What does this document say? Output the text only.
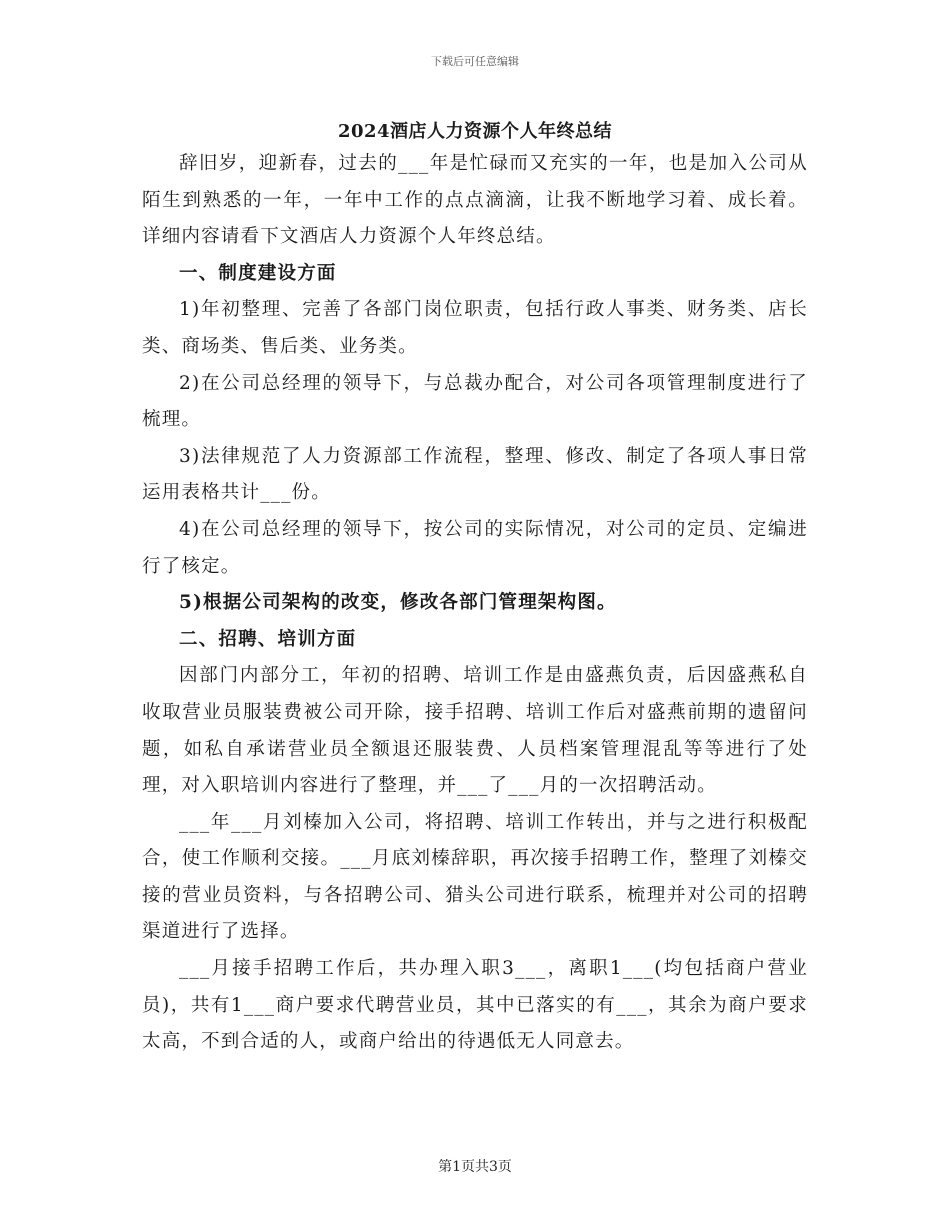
下载后可任意编辑
2024酒店人力资源个人年终总结

辞旧岁，迎新春，过去的___年是忙碌而又充实的一年，也是加入公司从陌生到熟悉的一年，一年中工作的点点滴滴，让我不断地学习着、成长着。详细内容请看下文酒店人力资源个人年终总结。

一、制度建设方面

1)年初整理、完善了各部门岗位职责，包括行政人事类、财务类、店长类、商场类、售后类、业务类。

2)在公司总经理的领导下，与总裁办配合，对公司各项管理制度进行了梳理。

3)法律规范了人力资源部工作流程，整理、修改、制定了各项人事日常运用表格共计___份。

4)在公司总经理的领导下，按公司的实际情况，对公司的定员、定编进行了核定。

5)根据公司架构的改变，修改各部门管理架构图。

二、招聘、培训方面

因部门内部分工，年初的招聘、培训工作是由盛燕负责，后因盛燕私自收取营业员服装费被公司开除，接手招聘、培训工作后对盛燕前期的遗留问题，如私自承诺营业员全额退还服装费、人员档案管理混乱等等进行了处理，对入职培训内容进行了整理，并___了___月的一次招聘活动。

___年___月刘榛加入公司，将招聘、培训工作转出，并与之进行积极配合，使工作顺利交接。___月底刘榛辞职，再次接手招聘工作，整理了刘榛交接的营业员资料，与各招聘公司、猎头公司进行联系，梳理并对公司的招聘渠道进行了选择。

___月接手招聘工作后，共办理入职3___，离职1___(均包括商户营业员)，共有1___商户要求代聘营业员，其中已落实的有___，其余为商户要求太高，不到合适的人，或商户给出的待遇低无人同意去。

第1页共3页
